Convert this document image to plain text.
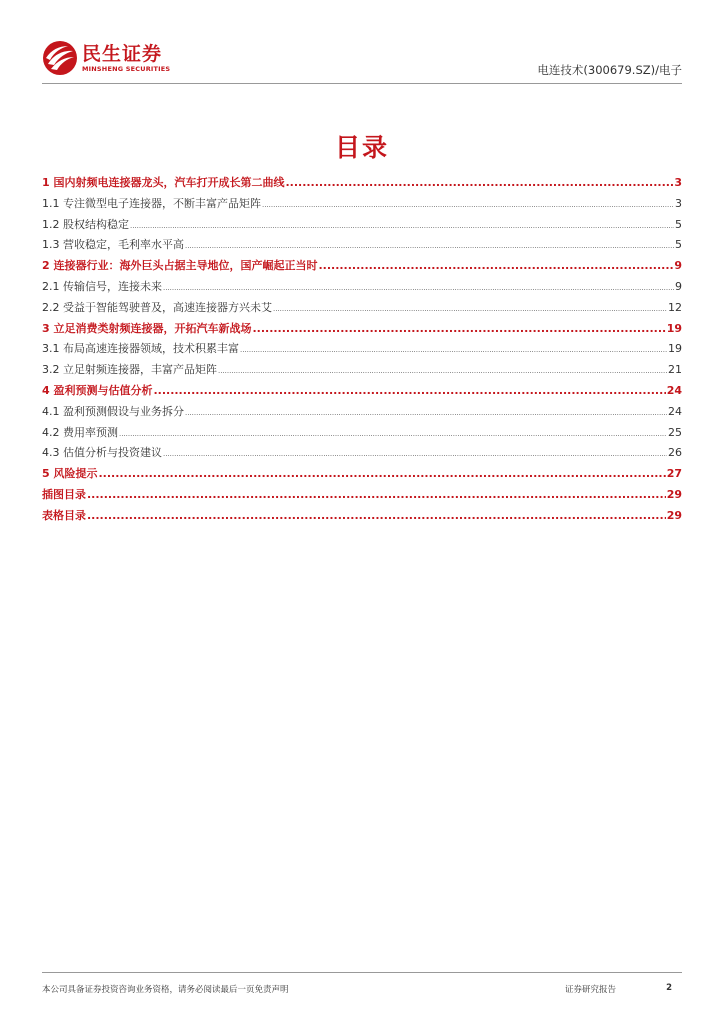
民生证券
MINSHENG SECURITIES	电连技术(300679.SZ)/电子
目录
1 国内射频电连接器龙头，汽车打开成长第二曲线 .....	3
1.1 专注微型电子连接器，不断丰富产品矩阵 .....	3
1.2 股权结构稳定 .....	5
1.3 营收稳定，毛利率水平高 .....	5
2 连接器行业：海外巨头占据主导地位，国产崛起正当时 .....	9
2.1 传输信号，连接未来 .....	9
2.2 受益于智能驾驶普及，高速连接器方兴未艾 .....	12
3 立足消费类射频连接器，开拓汽车新战场 .....	19
3.1 布局高速连接器领域，技术积累丰富 .....	19
3.2 立足射频连接器，丰富产品矩阵 .....	21
4 盈利预测与估值分析 .....	24
4.1 盈利预测假设与业务拆分 .....	24
4.2 费用率预测 .....	25
4.3 估值分析与投资建议 .....	26
5 风险提示 .....	27
插图目录 .....	29
表格目录 .....	29
本公司具备证券投资咨询业务资格，请务必阅读最后一页免责声明	证券研究报告	2
